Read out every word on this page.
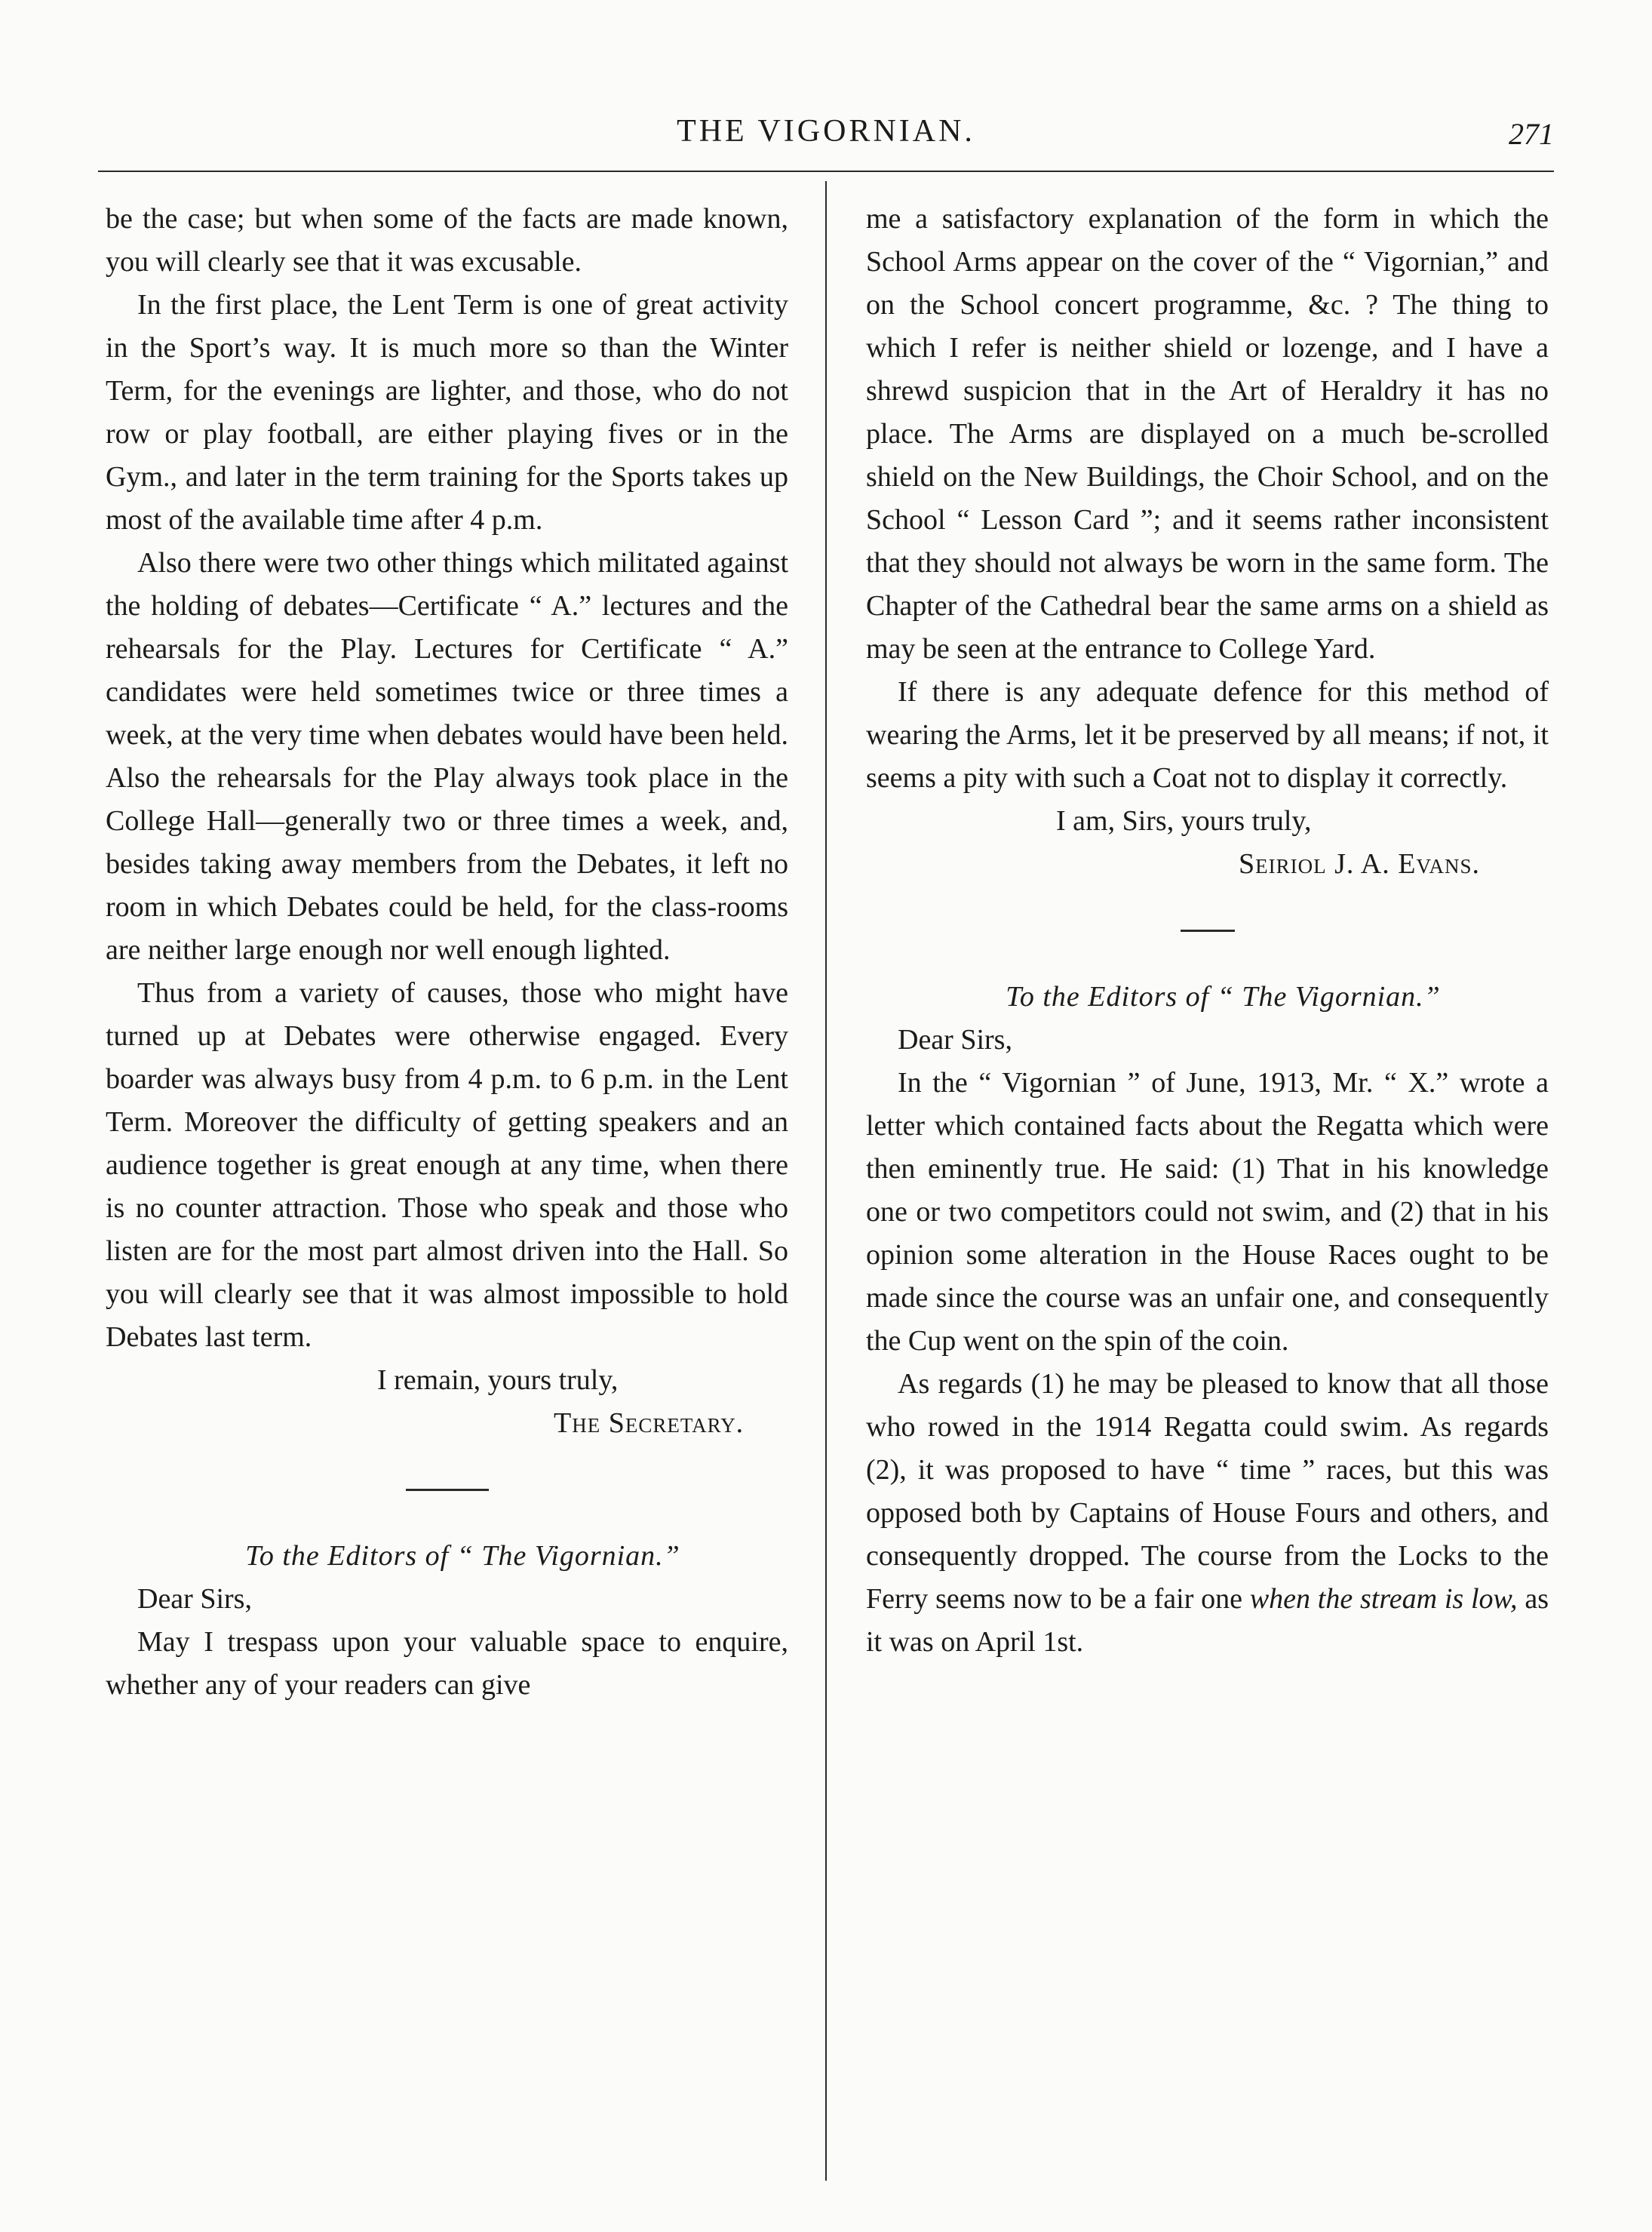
THE VIGORNIAN.	271

be the case; but when some of the facts are made known, you will clearly see that it was excusable.

In the first place, the Lent Term is one of great activity in the Sport’s way. It is much more so than the Winter Term, for the evenings are lighter, and those, who do not row or play football, are either playing fives or in the Gym., and later in the term training for the Sports takes up most of the available time after 4 p.m.

Also there were two other things which militated against the holding of debates—Certificate “ A.” lectures and the rehearsals for the Play. Lectures for Certificate “ A.” candidates were held sometimes twice or three times a week, at the very time when debates would have been held. Also the rehearsals for the Play always took place in the College Hall—generally two or three times a week, and, besides taking away members from the Debates, it left no room in which Debates could be held, for the class-rooms are neither large enough nor well enough lighted.

Thus from a variety of causes, those who might have turned up at Debates were otherwise engaged. Every boarder was always busy from 4 p.m. to 6 p.m. in the Lent Term. Moreover the difficulty of getting speakers and an audience together is great enough at any time, when there is no counter attraction. Those who speak and those who listen are for the most part almost driven into the Hall. So you will clearly see that it was almost impossible to hold Debates last term.

I remain, yours truly,

The Secretary.

To the Editors of “ The Vigornian.”

Dear Sirs,

May I trespass upon your valuable space to enquire, whether any of your readers can give

me a satisfactory explanation of the form in which the School Arms appear on the cover of the “ Vigornian,” and on the School concert programme, &c. ? The thing to which I refer is neither shield or lozenge, and I have a shrewd suspicion that in the Art of Heraldry it has no place. The Arms are displayed on a much be-scrolled shield on the New Buildings, the Choir School, and on the School “ Lesson Card ”; and it seems rather inconsistent that they should not always be worn in the same form. The Chapter of the Cathedral bear the same arms on a shield as may be seen at the entrance to College Yard.

If there is any adequate defence for this method of wearing the Arms, let it be preserved by all means; if not, it seems a pity with such a Coat not to display it correctly.

I am, Sirs, yours truly,

Seiriol J. A. Evans.

To the Editors of “ The Vigornian.”

Dear Sirs,

In the “ Vigornian ” of June, 1913, Mr. “ X.” wrote a letter which contained facts about the Regatta which were then eminently true. He said: (1) That in his knowledge one or two competitors could not swim, and (2) that in his opinion some alteration in the House Races ought to be made since the course was an unfair one, and consequently the Cup went on the spin of the coin.

As regards (1) he may be pleased to know that all those who rowed in the 1914 Regatta could swim. As regards (2), it was proposed to have “ time ” races, but this was opposed both by Captains of House Fours and others, and consequently dropped. The course from the Locks to the Ferry seems now to be a fair one when the stream is low, as it was on April 1st.
